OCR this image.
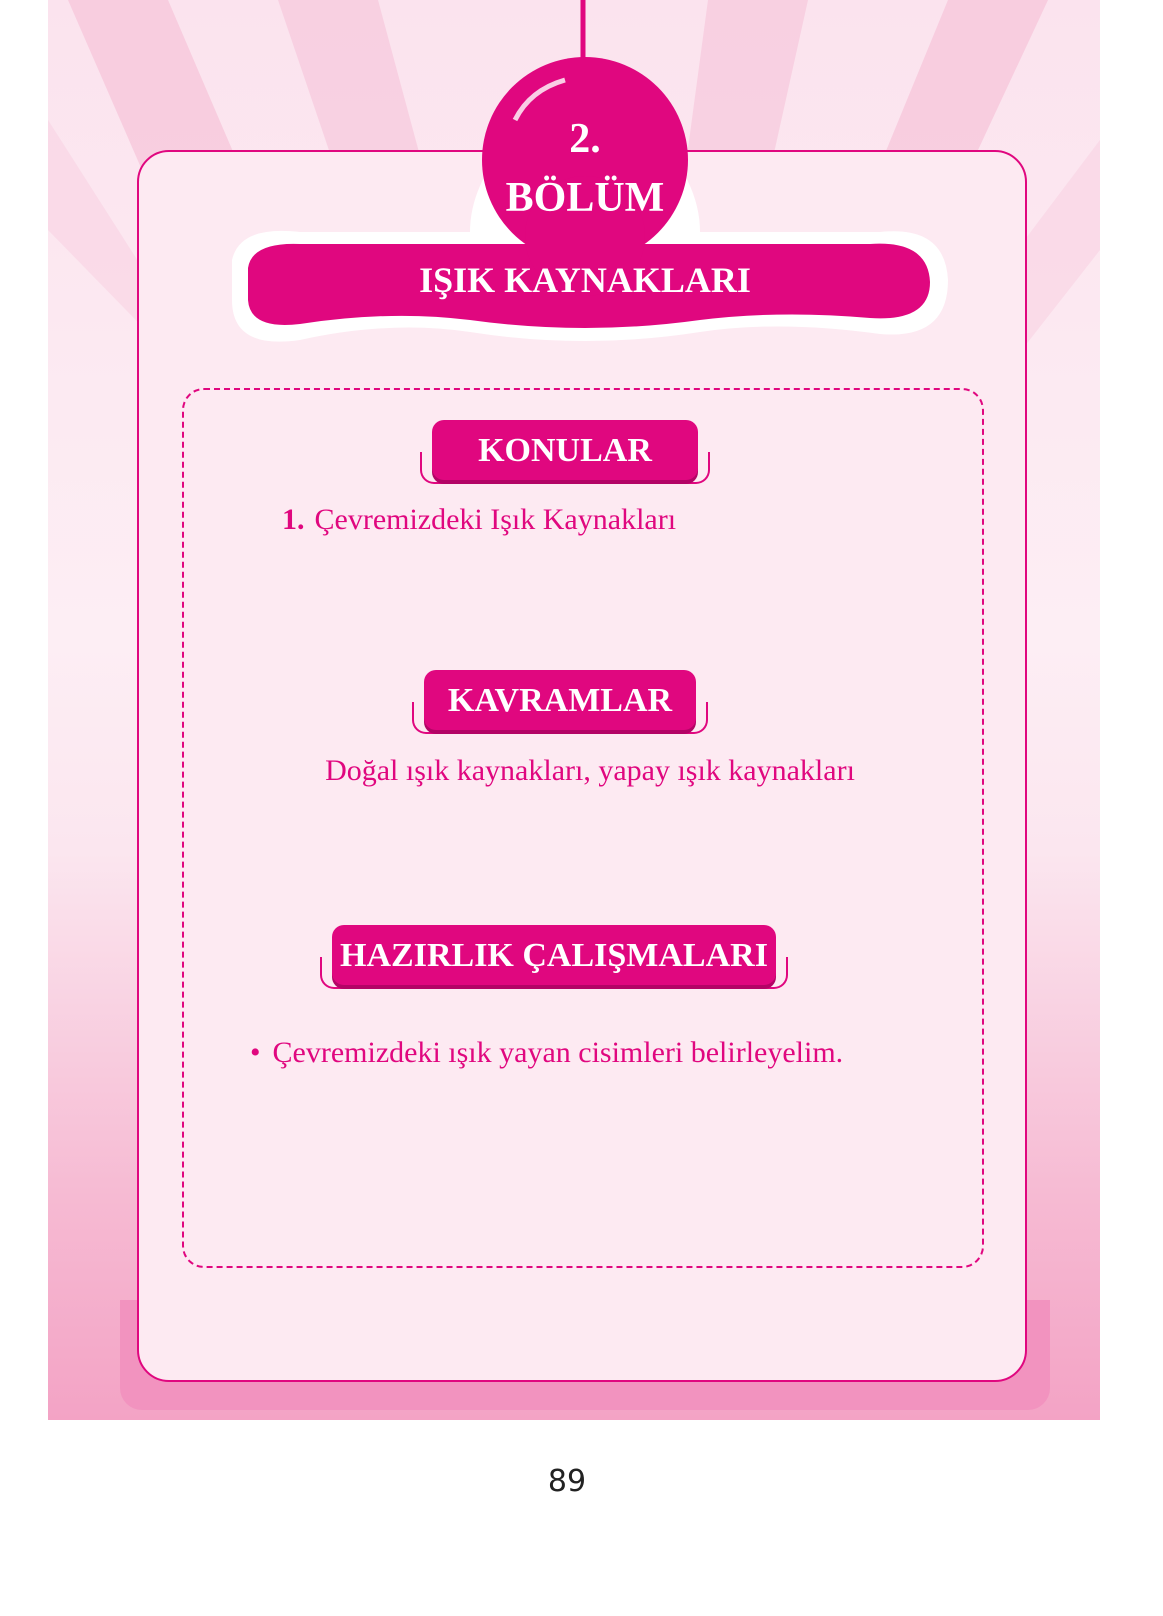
2.
BÖLÜM
IŞIK KAYNAKLARI
KONULAR
1. Çevremizdeki Işık Kaynakları
KAVRAMLAR
Doğal ışık kaynakları, yapay ışık kaynakları
HAZIRLIK ÇALIŞMALARI
• Çevremizdeki ışık yayan cisimleri belirleyelim.
89
